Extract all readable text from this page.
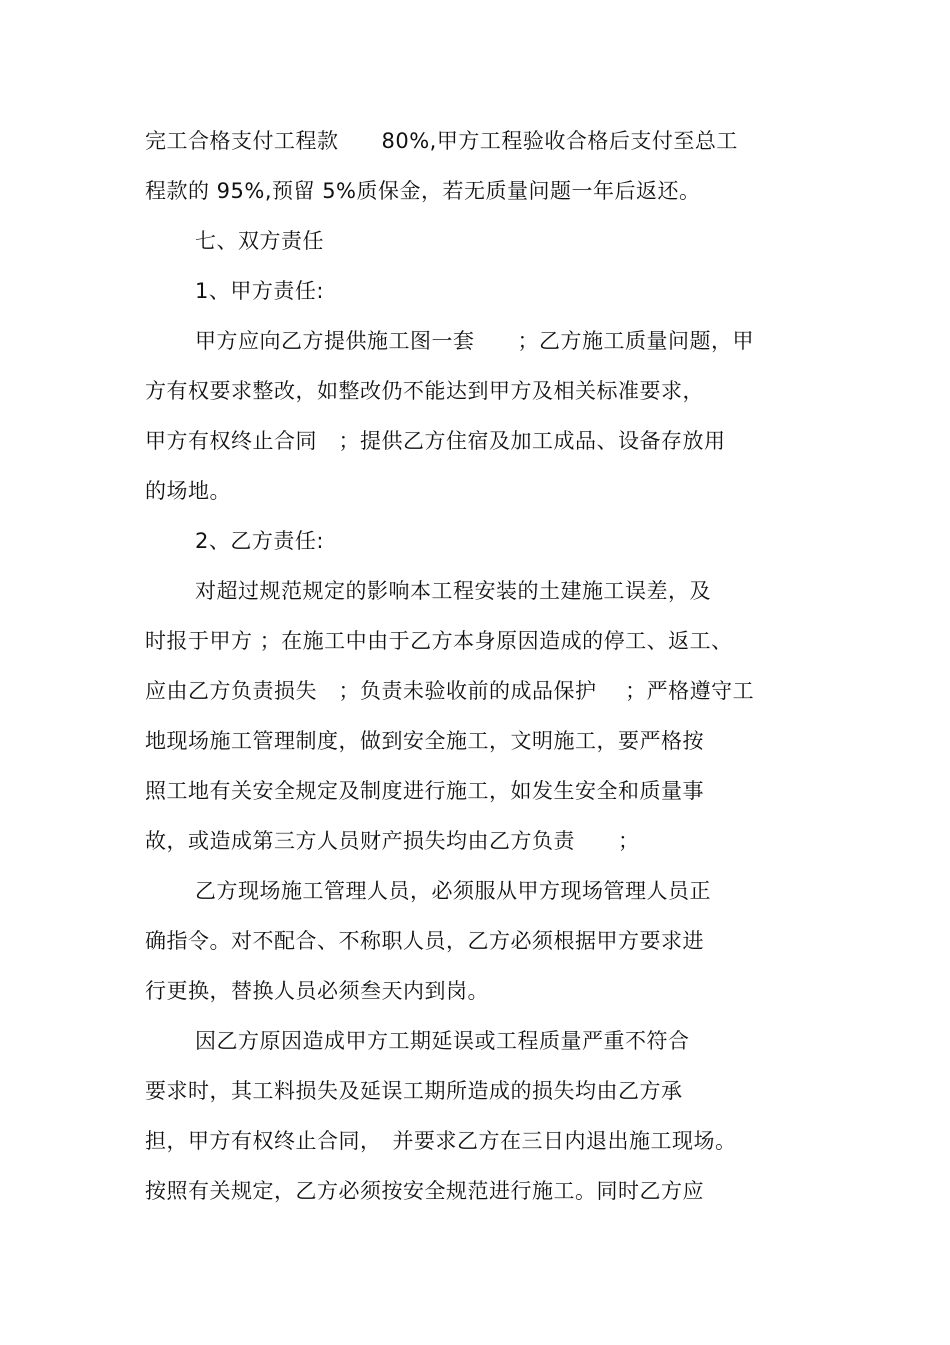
完工合格支付工程款　　80%,甲方工程验收合格后支付至总工
程款的 95%,预留 5%质保金，若无质量问题一年后返还。
七、双方责任
1、甲方责任:
甲方应向乙方提供施工图一套　　；乙方施工质量问题，甲
方有权要求整改，如整改仍不能达到甲方及相关标准要求，
甲方有权终止合同　；提供乙方住宿及加工成品、设备存放用
的场地。
2、乙方责任:
对超过规范规定的影响本工程安装的土建施工误差，及
时报于甲方 ；在施工中由于乙方本身原因造成的停工、返工、
应由乙方负责损失　；负责未验收前的成品保护　 ；严格遵守工
地现场施工管理制度，做到安全施工，文明施工，要严格按
照工地有关安全规定及制度进行施工，如发生安全和质量事
故，或造成第三方人员财产损失均由乙方负责　　；
乙方现场施工管理人员，必须服从甲方现场管理人员正
确指令。对不配合、不称职人员，乙方必须根据甲方要求进
行更换，替换人员必须叁天内到岗。
因乙方原因造成甲方工期延误或工程质量严重不符合
要求时，其工料损失及延误工期所造成的损失均由乙方承
担，甲方有权终止合同，　并要求乙方在三日内退出施工现场。
按照有关规定，乙方必须按安全规范进行施工。同时乙方应
